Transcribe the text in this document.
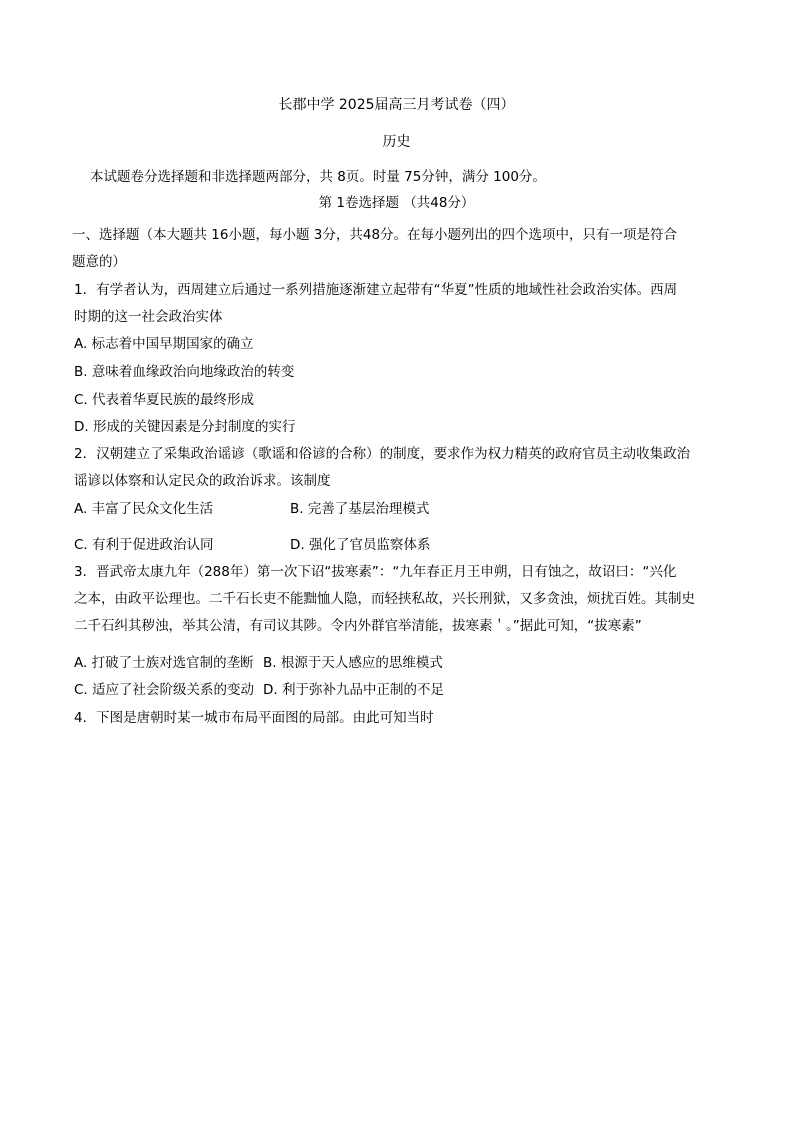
长郡中学 2025届高三月考试卷（四）
历史
本试题卷分选择题和非选择题两部分，共 8页。时量 75分钟，满分 100分。
第 1卷选择题 （共48分）
一、选择题（本大题共 16小题，每小题 3分，共48分。在每小题列出的四个选项中，只有一项是符合
题意的）
1．有学者认为，西周建立后通过一系列措施逐渐建立起带有“华夏”性质的地域性社会政治实体。西周
时期的这一社会政治实体
A. 标志着中国早期国家的确立
B. 意味着血缘政治向地缘政治的转变
C. 代表着华夏民族的最终形成
D. 形成的关键因素是分封制度的实行
2．汉朝建立了采集政治谣谚（歌谣和俗谚的合称）的制度，要求作为权力精英的政府官员主动收集政治
谣谚以体察和认定民众的政治诉求。该制度
A. 丰富了民众文化生活	B. 完善了基层治理模式
C. 有利于促进政治认同	D. 强化了官员监察体系
3．晋武帝太康九年（288年）第一次下诏“拔寒素”：“九年春正月王申朔，日有蚀之，故诏曰：“兴化
之本，由政平讼理也。二千石长吏不能黜恤人隐，而轻挟私故，兴长刑狱，又多贪浊，烦扰百姓。其制史
二千石纠其秽浊，举其公清，有司议其陟。令内外群官举清能，拔寒素＇。”据此可知，“拔寒素”
A. 打破了士族对选官制的垄断 B. 根源于天人感应的思维模式
C. 适应了社会阶级关系的变动 D. 利于弥补九品中正制的不足
4．下图是唐朝时某一城市布局平面图的局部。由此可知当时
